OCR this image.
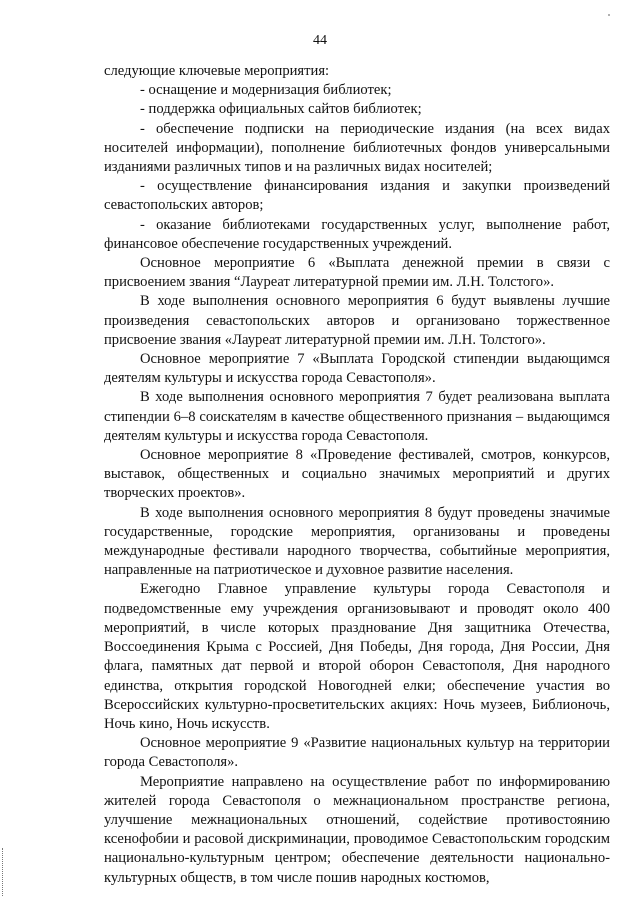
44

следующие ключевые мероприятия:

- оснащение и модернизация библиотек;

- поддержка официальных сайтов библиотек;

- обеспечение подписки на периодические издания (на всех видах носителей информации), пополнение библиотечных фондов универсальными изданиями различных типов и на различных видах носителей;

- осуществление финансирования издания и закупки произведений севастопольских авторов;

- оказание библиотеками государственных услуг, выполнение работ, финансовое обеспечение государственных учреждений.

Основное мероприятие 6 «Выплата денежной премии в связи с присвоением звания “Лауреат литературной премии им. Л.Н. Толстого».

В ходе выполнения основного мероприятия 6 будут выявлены лучшие произведения севастопольских авторов и организовано торжественное присвоение звания «Лауреат литературной премии им. Л.Н. Толстого».

Основное мероприятие 7 «Выплата Городской стипендии выдающимся деятелям культуры и искусства города Севастополя».

В ходе выполнения основного мероприятия 7 будет реализована выплата стипендии 6–8 соискателям в качестве общественного признания – выдающимся деятелям культуры и искусства города Севастополя.

Основное мероприятие 8 «Проведение фестивалей, смотров, конкурсов, выставок, общественных и социально значимых мероприятий и других творческих проектов».

В ходе выполнения основного мероприятия 8 будут проведены значимые государственные, городские мероприятия, организованы и проведены международные фестивали народного творчества, событийные мероприятия, направленные на патриотическое и духовное развитие населения.

Ежегодно Главное управление культуры города Севастополя и подведомственные ему учреждения организовывают и проводят около 400 мероприятий, в числе которых празднование Дня защитника Отечества, Воссоединения Крыма с Россией, Дня Победы, Дня города, Дня России, Дня флага, памятных дат первой и второй оборон Севастополя, Дня народного единства, открытия городской Новогодней елки; обеспечение участия во Всероссийских культурно-просветительских акциях: Ночь музеев, Библионочь, Ночь кино, Ночь искусств.

Основное мероприятие 9 «Развитие национальных культур на территории города Севастополя».

Мероприятие направлено на осуществление работ по информированию жителей города Севастополя о межнациональном пространстве региона, улучшение межнациональных отношений, содействие противостоянию ксенофобии и расовой дискриминации, проводимое Севастопольским городским национально-культурным центром; обеспечение деятельности национально-культурных обществ, в том числе пошив народных костюмов,
